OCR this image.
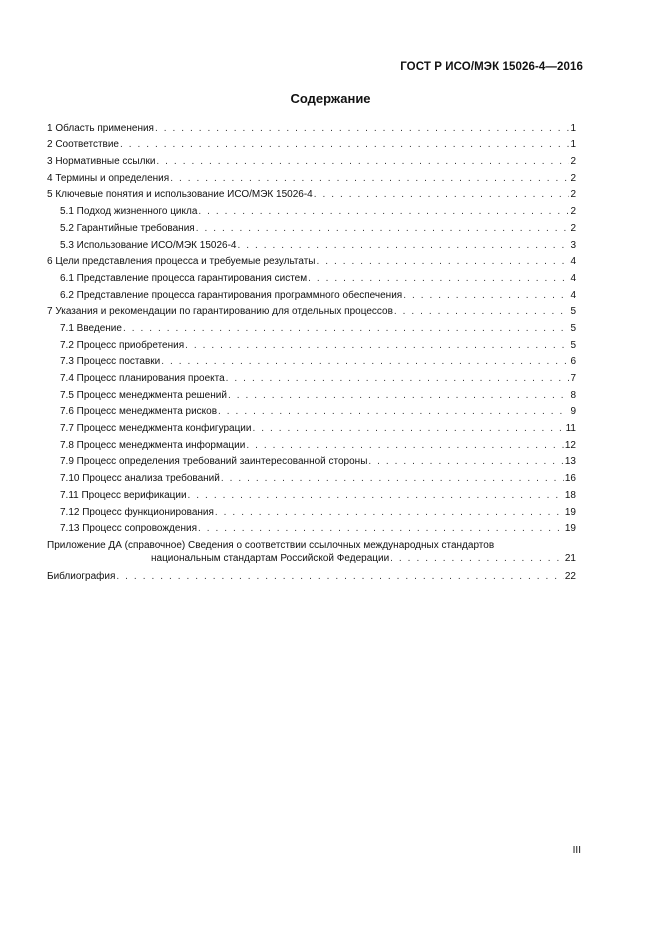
ГОСТ Р ИСО/МЭК 15026-4—2016
Содержание
1 Область применения . . .	1
2 Соответствие . . .	1
3 Нормативные ссылки . . .	2
4 Термины и определения . . .	2
5 Ключевые понятия и использование ИСО/МЭК 15026-4 . . .	2
5.1 Подход жизненного цикла . . .	2
5.2 Гарантийные требования . . .	2
5.3 Использование ИСО/МЭК 15026-4 . . .	3
6 Цели представления процесса и требуемые результаты . . .	4
6.1 Представление процесса гарантирования систем . . .	4
6.2 Представление процесса гарантирования программного обеспечения . . .	4
7 Указания и рекомендации по гарантированию для отдельных процессов . . .	5
7.1 Введение . . .	5
7.2 Процесс приобретения . . .	5
7.3 Процесс поставки . . .	6
7.4 Процесс планирования проекта . . .	7
7.5 Процесс менеджмента решений . . .	8
7.6 Процесс менеджмента рисков . . .	9
7.7 Процесс менеджмента конфигурации . . .	11
7.8 Процесс менеджмента информации . . .	12
7.9 Процесс определения требований заинтересованной стороны . . .	13
7.10 Процесс анализа требований . . .	16
7.11 Процесс верификации . . .	18
7.12 Процесс функционирования . . .	19
7.13 Процесс сопровождения . . .	19
Приложение ДА (справочное) Сведения о соответствии ссылочных международных стандартов
национальным стандартам Российской Федерации . . .	21
Библиография . . .	22
III
